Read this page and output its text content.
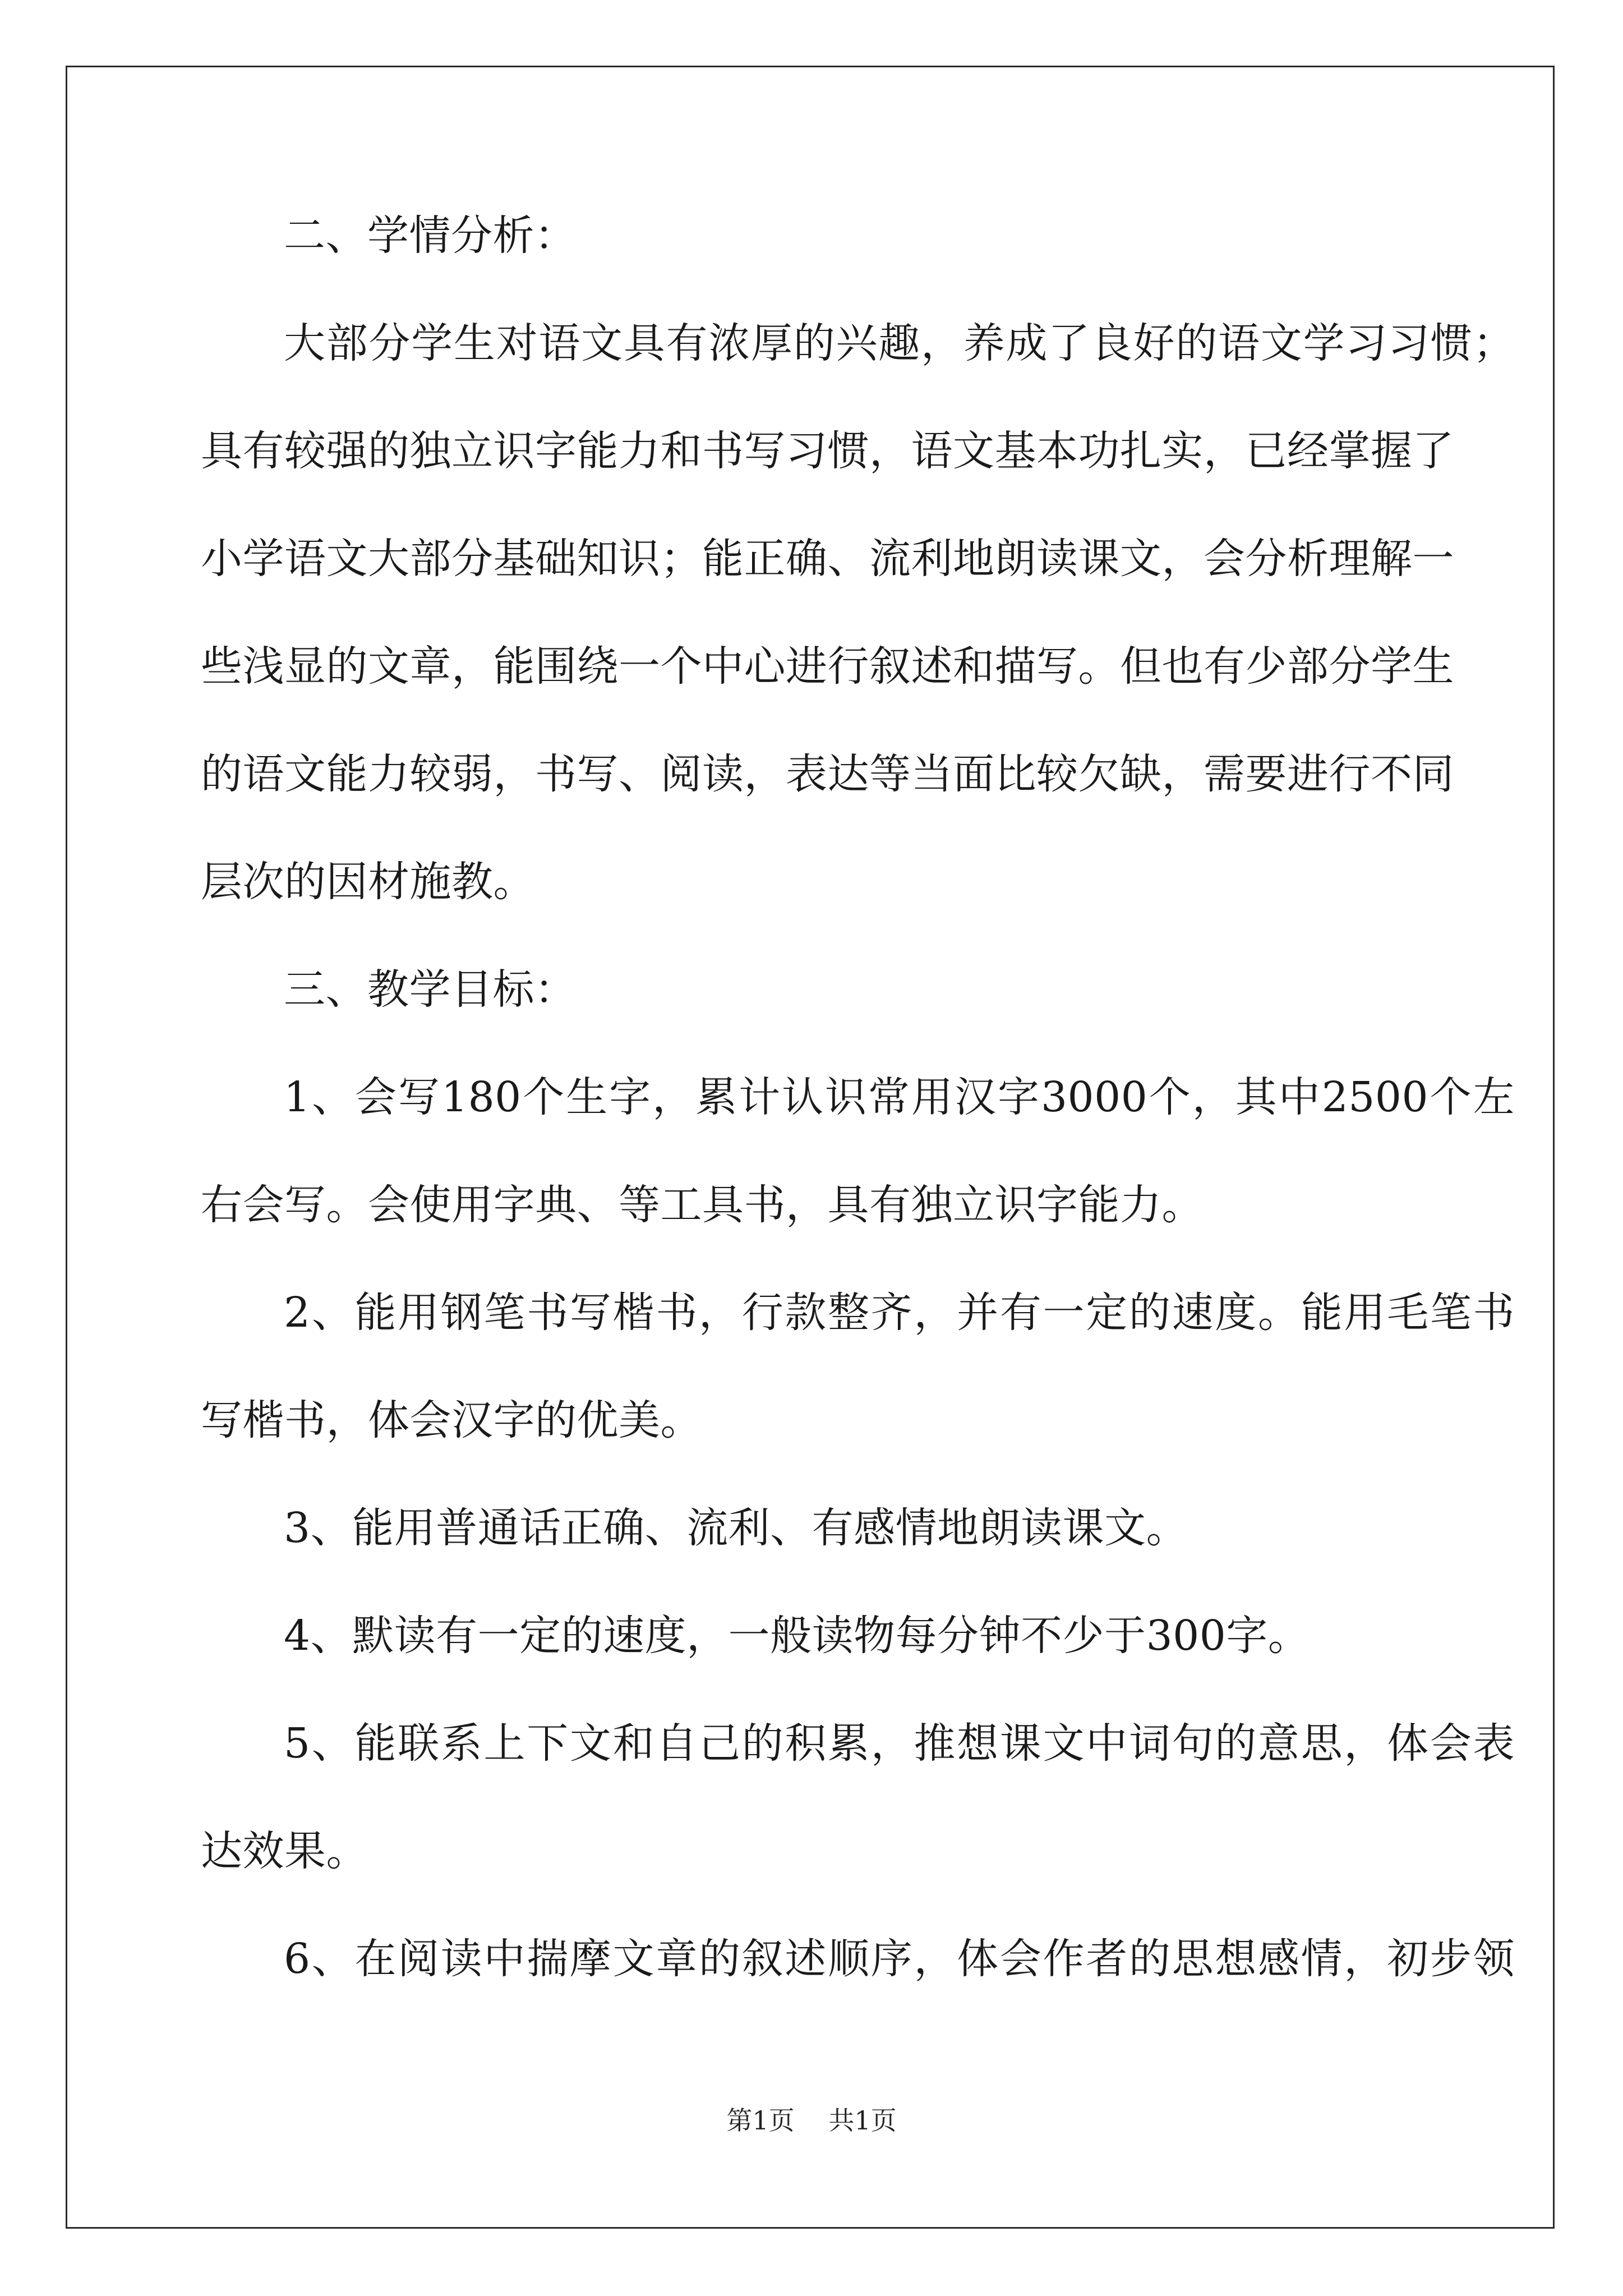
二、学情分析：
大部分学生对语文具有浓厚的兴趣，养成了良好的语文学习习惯；
具有较强的独立识字能力和书写习惯，语文基本功扎实，已经掌握了
小学语文大部分基础知识；能正确、流利地朗读课文，会分析理解一
些浅显的文章，能围绕一个中心进行叙述和描写。但也有少部分学生
的语文能力较弱，书写、阅读，表达等当面比较欠缺，需要进行不同
层次的因材施教。
三、教学目标：
1、会写180个生字，累计认识常用汉字3000个，其中2500个左
右会写。会使用字典、等工具书，具有独立识字能力。
2、能用钢笔书写楷书，行款整齐，并有一定的速度。能用毛笔书
写楷书，体会汉字的优美。
3、能用普通话正确、流利、有感情地朗读课文。
4、默读有一定的速度，一般读物每分钟不少于300字。
5、能联系上下文和自己的积累，推想课文中词句的意思，体会表
达效果。
6、在阅读中揣摩文章的叙述顺序，体会作者的思想感情，初步领
第1页 共1页
